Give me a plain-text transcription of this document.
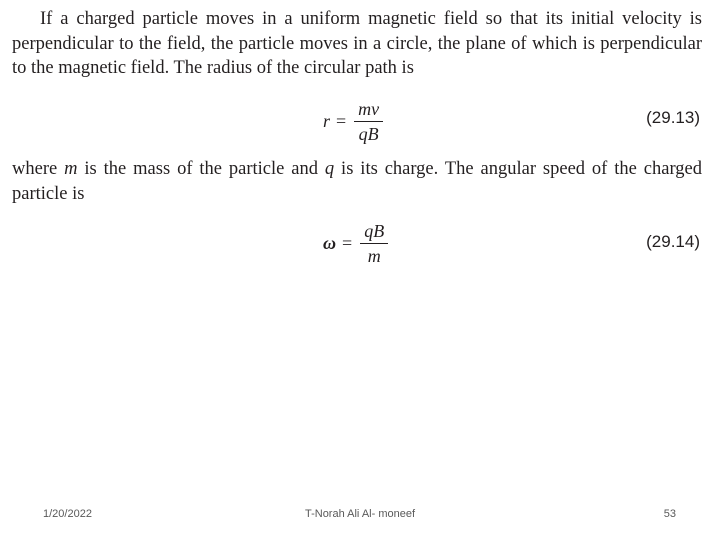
If a charged particle moves in a uniform magnetic field so that its initial velocity is perpendicular to the field, the particle moves in a circle, the plane of which is perpendicular to the magnetic field. The radius of the circular path is

$r = \frac{mv}{qB}$	(29.13)

where m is the mass of the particle and q is its charge. The angular speed of the charged particle is

$\omega = \frac{qB}{m}$	(29.14)
1/20/2022	T-Norah Ali Al- moneef	53
